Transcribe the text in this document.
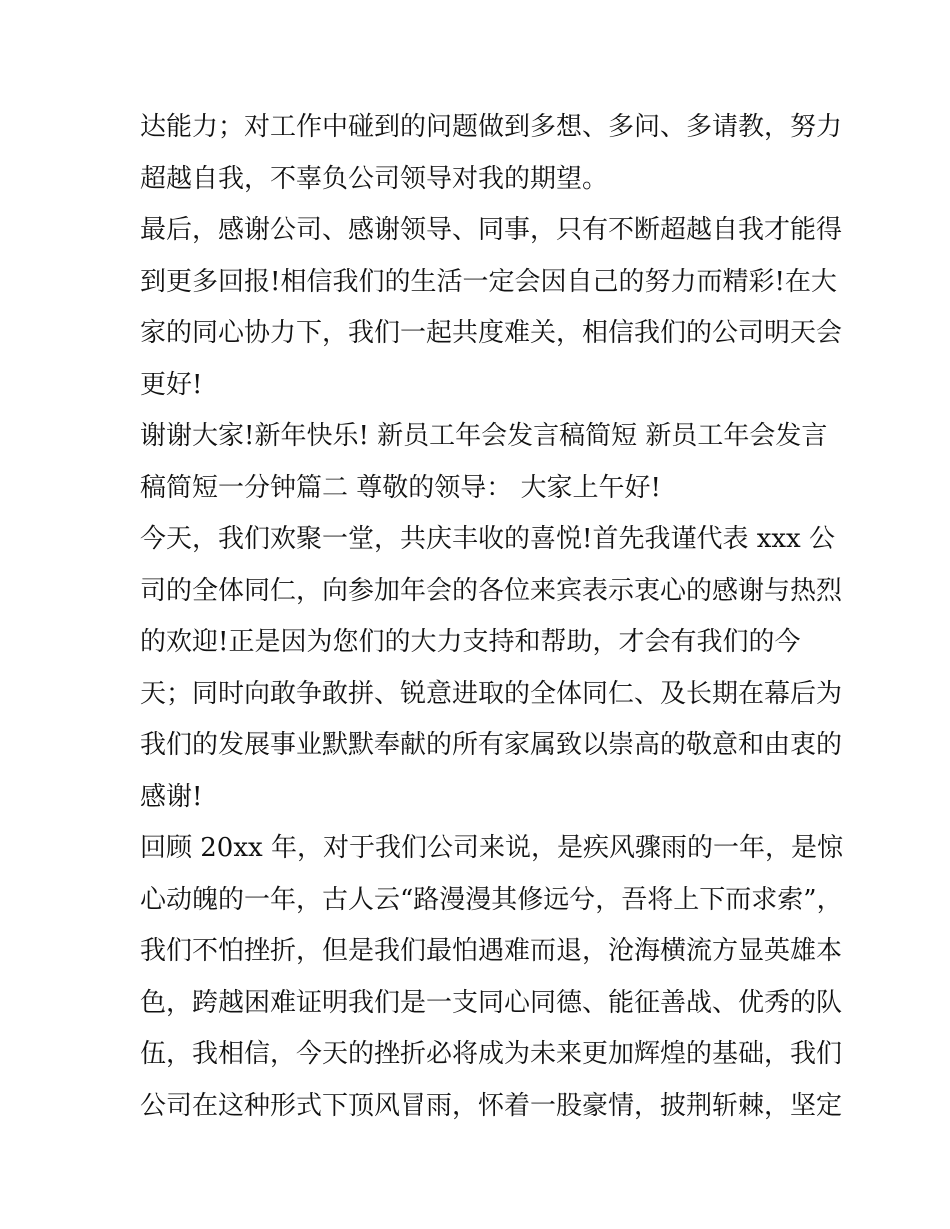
达能力；对工作中碰到的问题做到多想、多问、多请教，努力
超越自我，不辜负公司领导对我的期望。
最后，感谢公司、感谢领导、同事，只有不断超越自我才能得
到更多回报!相信我们的生活一定会因自己的努力而精彩!在大
家的同心协力下，我们一起共度难关，相信我们的公司明天会
更好!
谢谢大家!新年快乐! 新员工年会发言稿简短 新员工年会发言
稿简短一分钟篇二 尊敬的领导： 大家上午好!
今天，我们欢聚一堂，共庆丰收的喜悦!首先我谨代表 xxx 公
司的全体同仁，向参加年会的各位来宾表示衷心的感谢与热烈
的欢迎!正是因为您们的大力支持和帮助，才会有我们的今
天；同时向敢争敢拼、锐意进取的全体同仁、及长期在幕后为
我们的发展事业默默奉献的所有家属致以崇高的敬意和由衷的
感谢!
回顾 20xx 年，对于我们公司来说，是疾风骤雨的一年，是惊
心动魄的一年，古人云“路漫漫其修远兮，吾将上下而求索”，
我们不怕挫折，但是我们最怕遇难而退，沧海横流方显英雄本
色，跨越困难证明我们是一支同心同德、能征善战、优秀的队
伍，我相信，今天的挫折必将成为未来更加辉煌的基础，我们
公司在这种形式下顶风冒雨，怀着一股豪情，披荆斩棘，坚定
